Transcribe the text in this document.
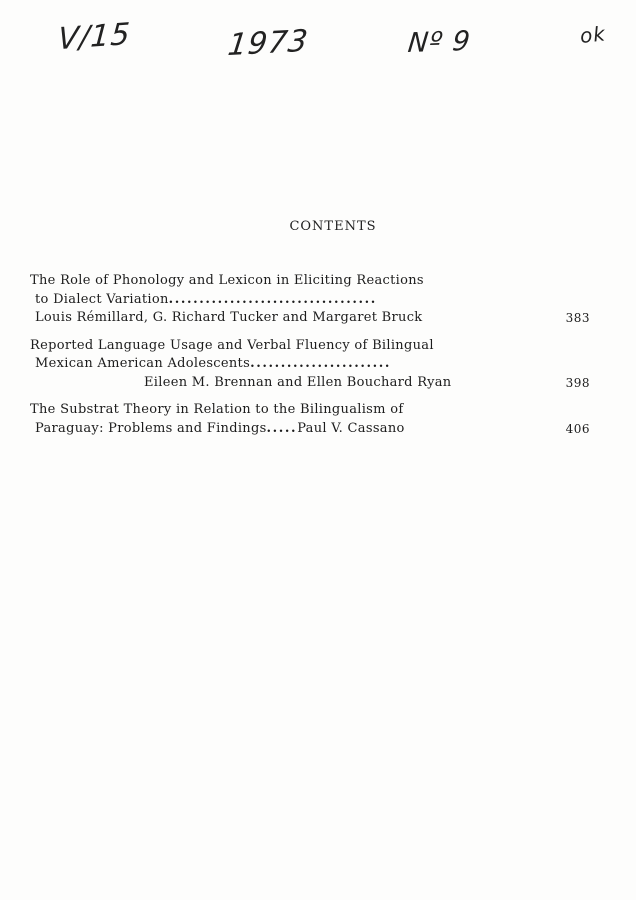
V/15	1973	Nº 9	ok
CONTENTS
The Role of Phonology and Lexicon in Eliciting Reactions
to Dialect Variation..................................
Louis Rémillard, G. Richard Tucker and Margaret Bruck	383
Reported Language Usage and Verbal Fluency of Bilingual
Mexican American Adolescents.......................
Eileen M. Brennan and Ellen Bouchard Ryan	398
The Substrat Theory in Relation to the Bilingualism of
Paraguay: Problems and Findings.....Paul V. Cassano	406
